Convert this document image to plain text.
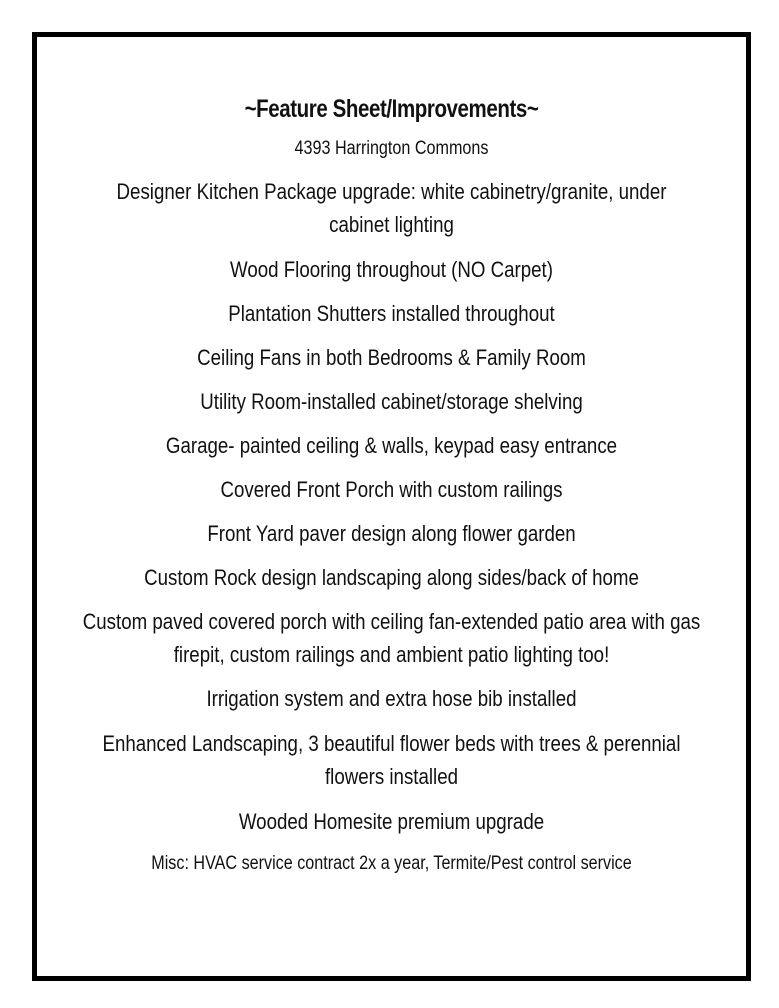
~Feature Sheet/Improvements~
4393 Harrington Commons
Designer Kitchen Package upgrade: white cabinetry/granite, under cabinet lighting
Wood Flooring throughout (NO Carpet)
Plantation Shutters installed throughout
Ceiling Fans in both Bedrooms & Family Room
Utility Room-installed cabinet/storage shelving
Garage- painted ceiling & walls, keypad easy entrance
Covered Front Porch with custom railings
Front Yard paver design along flower garden
Custom Rock design landscaping along sides/back of home
Custom paved covered porch with ceiling fan-extended patio area with gas firepit, custom railings and ambient patio lighting too!
Irrigation system and extra hose bib installed
Enhanced Landscaping, 3 beautiful flower beds with trees & perennial flowers installed
Wooded Homesite premium upgrade
Misc: HVAC service contract 2x a year, Termite/Pest control service
